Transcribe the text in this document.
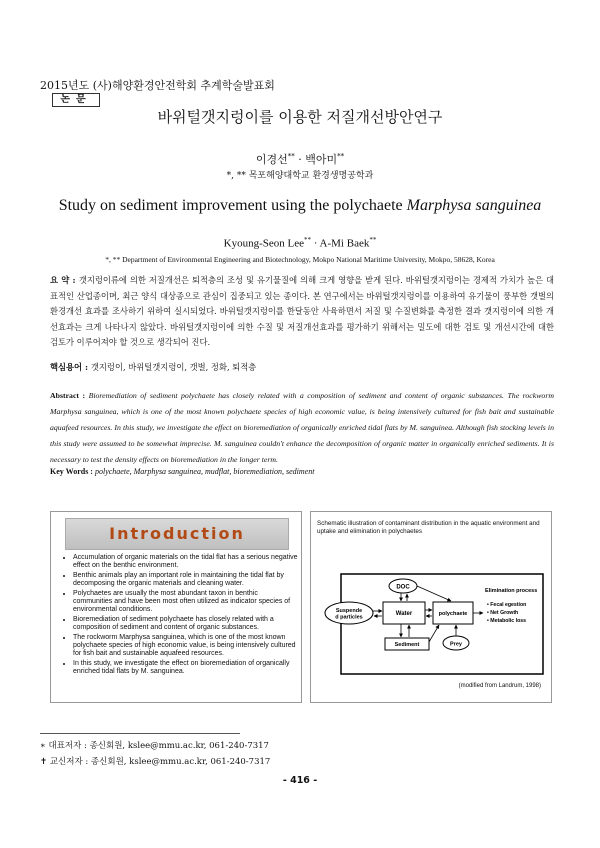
2015년도 (사)해양환경안전학회 추계학술발표회
논문
바위털갯지렁이를 이용한 저질개선방안연구
이경선** · 백아미**
*, ** 목포해양대학교 환경생명공학과
Study on sediment improvement using the polychaete Marphysa sanguinea
Kyoung-Seon Lee** · A-Mi Baek**
*, ** Department of Environmental Engineering and Biotechnology, Mokpo National Maritime University, Mokpo, 58628, Korea
요 약 : 갯지렁이류에 의한 저질개선은 퇴적층의 조성 및 유기물질에 의해 크게 영향을 받게 된다. 바위털갯지렁이는 경제적 가치가 높은 대표적인 산업종이며, 최근 양식 대상종으로 관심이 집중되고 있는 종이다. 본 연구에서는 바위털갯지렁이를 이용하여 유기물이 풍부한 갯벌의 환경개선 효과를 조사하기 위하여 실시되었다. 바위털갯지렁이를 한달동안 사육하면서 저질 및 수질변화를 측정한 결과 갯지렁이에 의한 개선효과는 크게 나타나지 않았다. 바위털갯지렁이에 의한 수질 및 저질개선효과를 평가하기 위해서는 밀도에 대한 검토 및 개선시간에 대한 검토가 이루어져야 할 것으로 생각되어 진다.
핵심용어 : 갯지렁이, 바위털갯지렁이, 갯벌, 정화, 퇴적층
Abstract : Bioremediation of sediment polychaete has closely related with a composition of sediment and content of organic substances. The rockworm Marphysa sanguinea, which is one of the most known polychaete species of high economic value, is being intensively cultured for fish bait and sustainable aquafeed resources. In this study, we investigate the effect on bioremediation of organically enriched tidal flats by M. sanguinea. Although fish stocking levels in this study were assumed to be somewhat imprecise. M. sanguinea couldn't enhance the decomposition of organic matter in organically enriched sediments. It is necessary to test the density effects on bioremediation in the longer term.
Key Words : polychaete, Marphysa sanguinea, mudflat, bioremediation, sediment
Introduction
• Accumulation of organic materials on the tidal flat has a serious negative effect on the benthic environment.
• Benthic animals play an important role in maintaining the tidal flat by decomposing the organic materials and cleaning water.
• Polychaetes are usually the most abundant taxon in benthic communities and have been most often utilized as indicator species of environmental conditions.
• Bioremediation of sediment polychaete has closely related with a composition of sediment and content of organic substances.
• The rockworm Marphysa sanguinea, which is one of the most known polychaete species of high economic value, is being intensively cultured for fish bait and sustainable aquafeed resources.
• In this study, we investigate the effect on bioremediation of organically enriched tidal flats by M. sanguinea.
Schematic illustration of contaminant distribution in the aquatic environment and uptake and elimination in polychaetes
DOC
Suspende d particles
Water	polychaete
Sediment	Prey
Elimination process
• Fecal egestion
• Net Growth
• Metabolic loss
(modified from Landrum, 1998)
∗ 대표저자 : 종신회원, kslee@mmu.ac.kr, 061-240-7317
✝ 교신저자 : 종신회원, kslee@mmu.ac.kr, 061-240-7317
- 416 -
